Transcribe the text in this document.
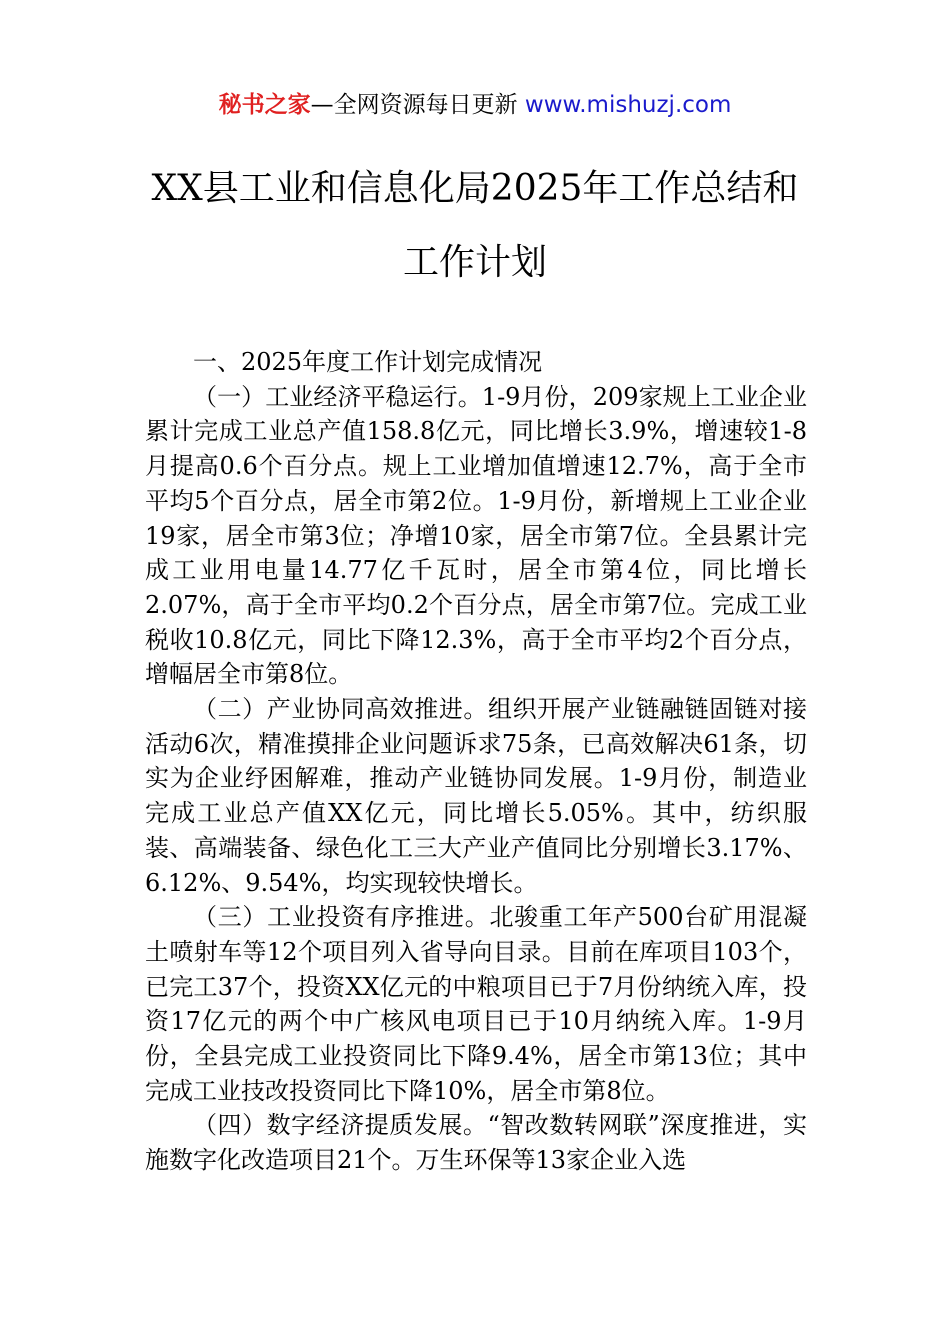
秘书之家—全网资源每日更新 www.mishuzj.com
XX县工业和信息化局2025年工作总结和
工作计划

一、2025年度工作计划完成情况

（一）工业经济平稳运行。1-9月份，209家规上工业企业累计完成工业总产值158.8亿元，同比增长3.9%，增速较1-8月提高0.6个百分点。规上工业增加值增速12.7%，高于全市平均5个百分点，居全市第2位。1-9月份，新增规上工业企业19家，居全市第3位；净增10家，居全市第7位。全县累计完成工业用电量14.77亿千瓦时，居全市第4位，同比增长2.07%，高于全市平均0.2个百分点，居全市第7位。完成工业税收10.8亿元，同比下降12.3%，高于全市平均2个百分点，增幅居全市第8位。

（二）产业协同高效推进。组织开展产业链融链固链对接活动6次，精准摸排企业问题诉求75条，已高效解决61条，切实为企业纾困解难，推动产业链协同发展。1-9月份，制造业完成工业总产值XX亿元，同比增长5.05%。其中，纺织服装、高端装备、绿色化工三大产业产值同比分别增长3.17%、6.12%、9.54%，均实现较快增长。

（三）工业投资有序推进。北骏重工年产500台矿用混凝土喷射车等12个项目列入省导向目录。目前在库项目103个，已完工37个，投资XX亿元的中粮项目已于7月份纳统入库，投资17亿元的两个中广核风电项目已于10月纳统入库。1-9月份，全县完成工业投资同比下降9.4%，居全市第13位；其中完成工业技改投资同比下降10%，居全市第8位。

（四）数字经济提质发展。“智改数转网联”深度推进，实施数字化改造项目21个。万生环保等13家企业入选
